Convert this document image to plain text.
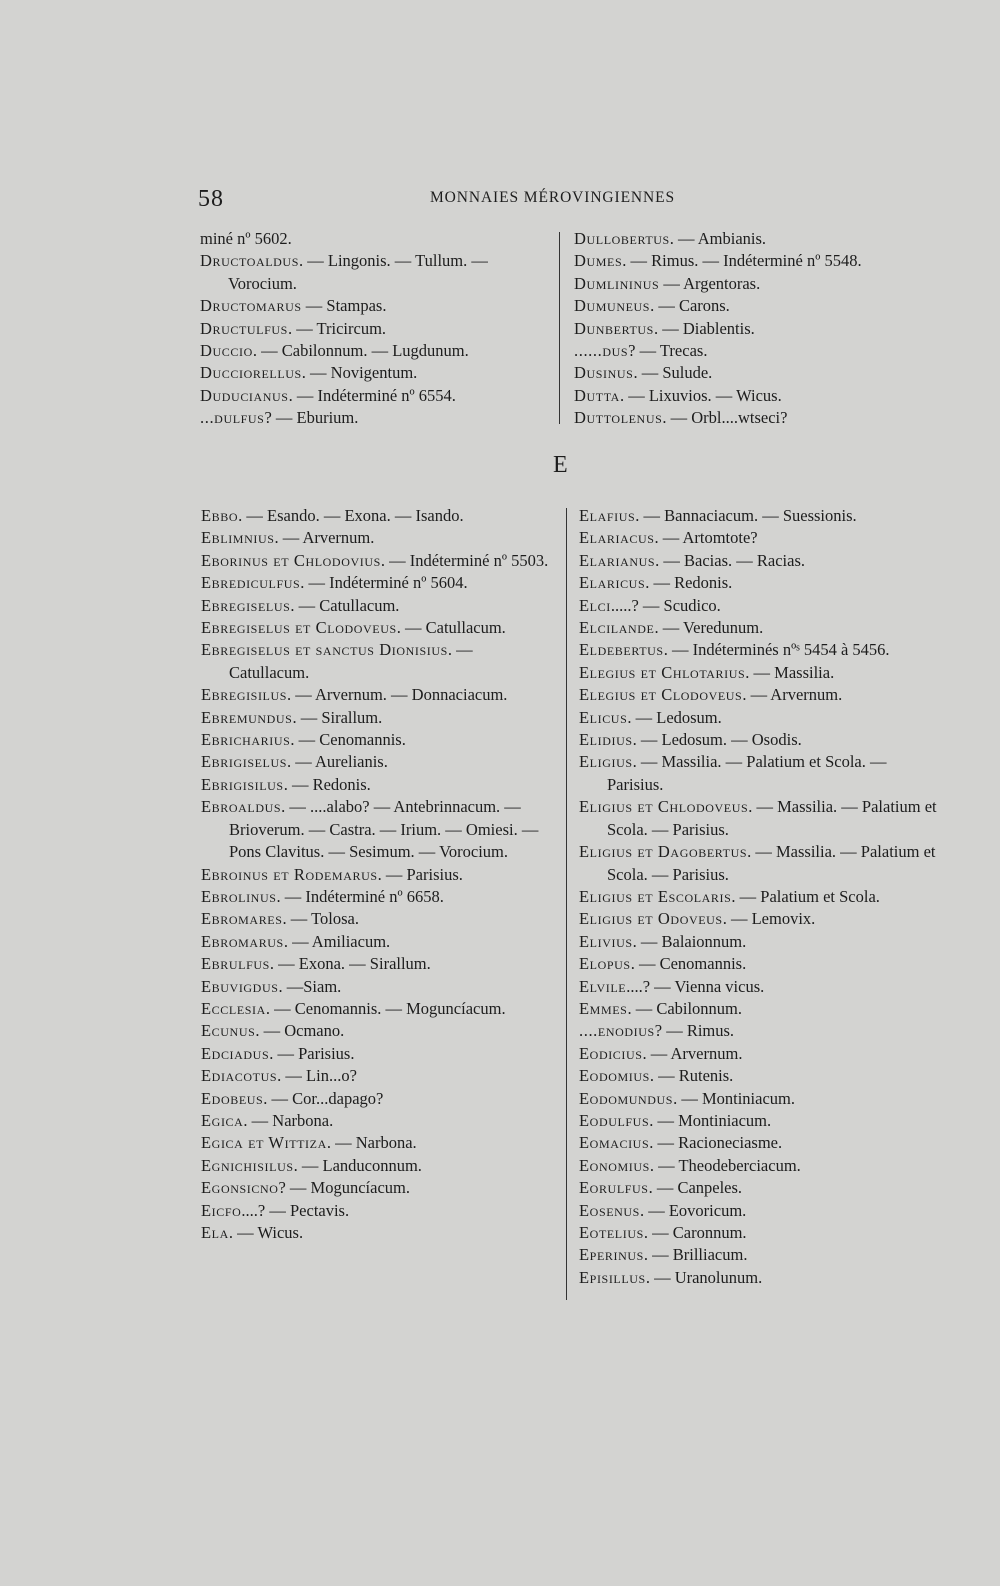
58	MONNAIES MÉROVINGIENNES
miné nº 5602.
Dructoaldus. — Lingonis. — Tullum. — Vorocium.
Dructomarus — Stampas.
Dructulfus. — Tricircum.
Duccio. — Cabilonnum. — Lugdunum.
Ducciorellus. — Novigentum.
Duducianus. — Indéterminé nº 6554.
...dulfus? — Eburium.
Dullobertus. — Ambianis.
Dumes. — Rimus. — Indéterminé nº 5548.
Dumlininus — Argentoras.
Dumuneus. — Carons.
Dunbertus. — Diablentis.
......dus? — Trecas.
Dusinus. — Sulude.
Dutta. — Lixuvios. — Wicus.
Duttolenus. — Orbl....wtseci?
E
Ebbo. — Esando. — Exona. — Isando.
Eblimnius. — Arvernum.
Eborinus et Chlodovius. — Indéterminé nº 5503.
Ebrediculfus. — Indéterminé nº 5604.
Ebregiselus. — Catullacum.
Ebregiselus et Clodoveus. — Catullacum.
Ebregiselus et sanctus Dionisius. — Catullacum.
Ebregisilus. — Arvernum. — Donnaciacum.
Ebremundus. — Sirallum.
Ebricharius. — Cenomannis.
Ebrigiselus. — Aurelianis.
Ebrigisilus. — Redonis.
Ebroaldus. — ....alabo? — Antebrinnacum. — Brioverum. — Castra. — Irium. — Omiesi. — Pons Clavitus. — Sesimum. — Vorocium.
Ebroinus et Rodemarus. — Parisius.
Ebrolinus. — Indéterminé nº 6658.
Ebromares. — Tolosa.
Ebromarus. — Amiliacum.
Ebrulfus. — Exona. — Sirallum.
Ebuvigdus. —Siam.
Ecclesia. — Cenomannis. — Moguncíacum.
Ecunus. — Ocmano.
Edciadus. — Parisius.
Ediacotus. — Lin...o?
Edobeus. — Cor...dapago?
Egica. — Narbona.
Egica et Wittiza. — Narbona.
Egnichisilus. — Landuconnum.
Egonsicno? — Moguncíacum.
Eicfo....? — Pectavis.
Ela. — Wicus.
Elafius. — Bannaciacum. — Suessionis.
Elariacus. — Artomtote?
Elarianus. — Bacias. — Racias.
Elaricus. — Redonis.
Elci.....? — Scudico.
Elcilande. — Veredunum.
Eldebertus. — Indéterminés nºˢ 5454 à 5456.
Elegius et Chlotarius. — Massilia.
Elegius et Clodoveus. — Arvernum.
Elicus. — Ledosum.
Elidius. — Ledosum. — Osodis.
Eligius. — Massilia. — Palatium et Scola. — Parisius.
Eligius et Chlodoveus. — Massilia. — Palatium et Scola. — Parisius.
Eligius et Dagobertus. — Massilia. — Palatium et Scola. — Parisius.
Eligius et Escolaris. — Palatium et Scola.
Eligius et Odoveus. — Lemovix.
Elivius. — Balaionnum.
Elopus. — Cenomannis.
Elvile....? — Vienna vicus.
Emmes. — Cabilonnum.
....enodius? — Rimus.
Eodicius. — Arvernum.
Eodomius. — Rutenis.
Eodomundus. — Montiniacum.
Eodulfus. — Montiniacum.
Eomacius. — Racioneciasme.
Eonomius. — Theodeberciacum.
Eorulfus. — Canpeles.
Eosenus. — Eovoricum.
Eotelius. — Caronnum.
Eperinus. — Brilliacum.
Episillus. — Uranolunum.
